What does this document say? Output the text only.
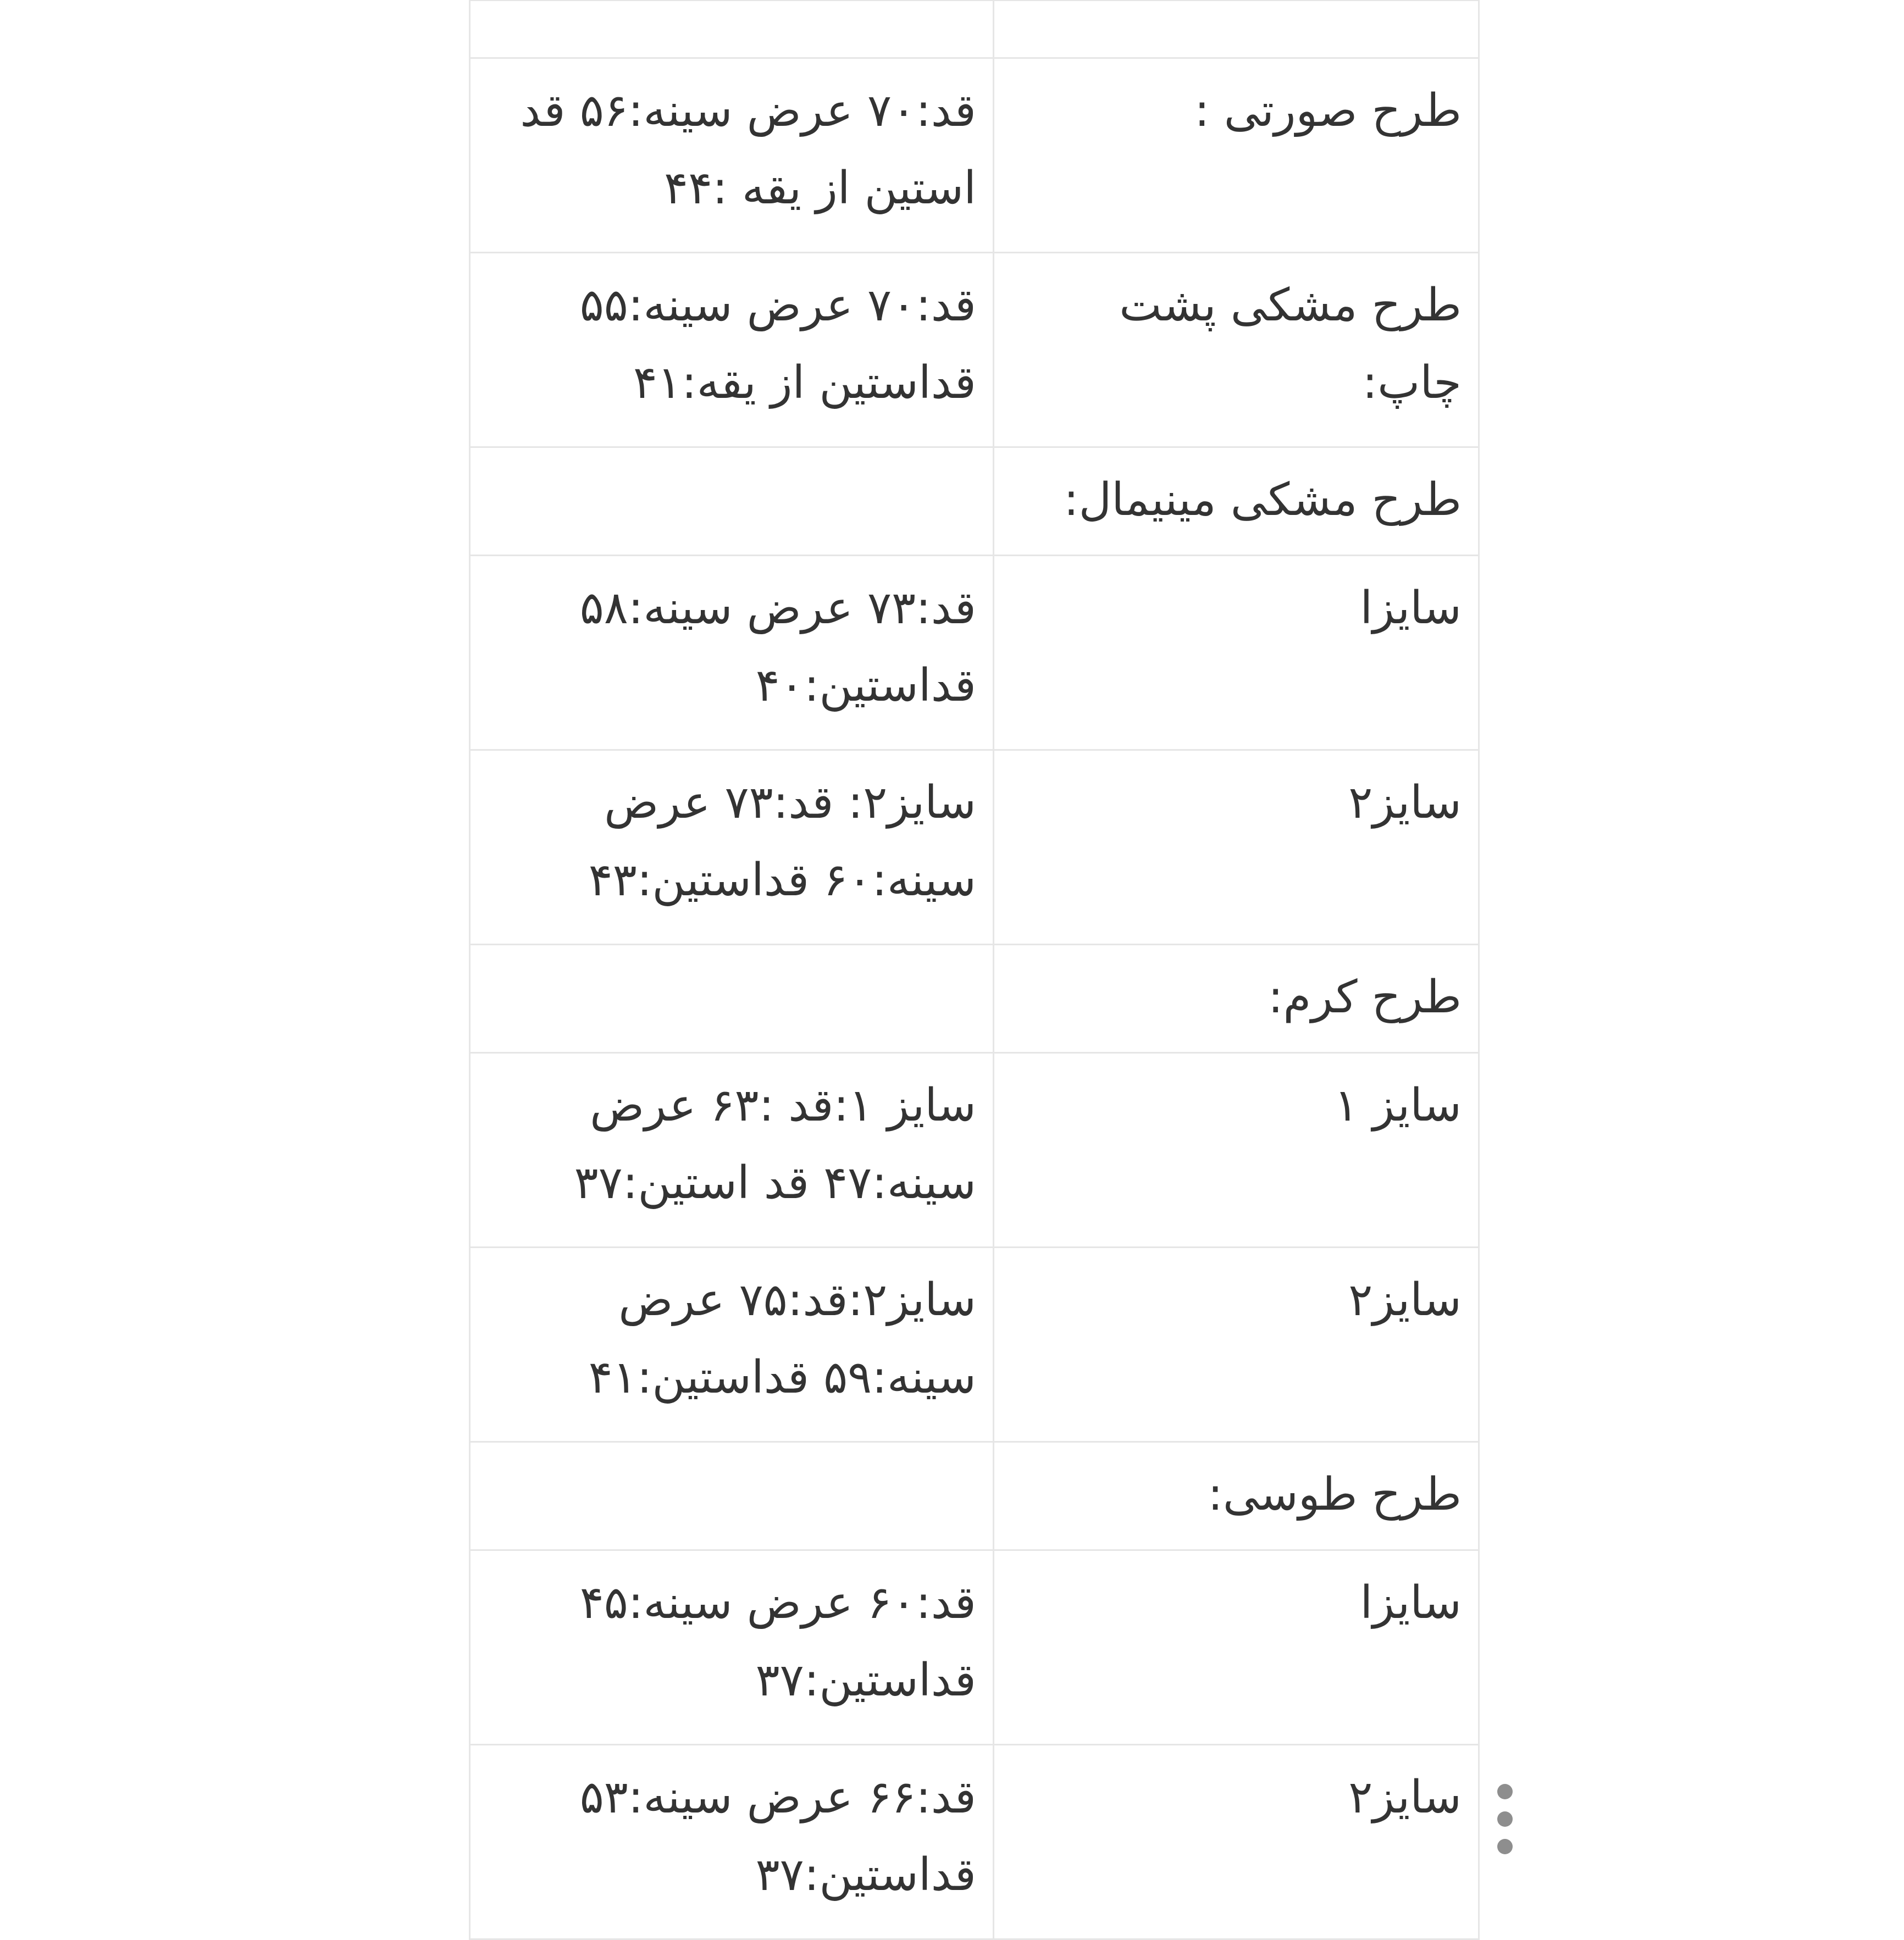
طرح صورتی :	قد:۷۰ عرض سینه:۵۶ قد استین از یقه :۴۴

طرح مشکی پشت چاپ:	قد:۷۰ عرض سینه:۵۵ قداستین از یقه:۴۱

طرح مشکی مینیمال:	

سایزا	قد:۷۳ عرض سینه:۵۸ قداستین:۴۰

سایز۲	سایز۲: قد:۷۳ عرض سینه:۶۰ قداستین:۴۳

طرح کرم:	

سایز ۱	سایز ۱:قد :۶۳ عرض سینه:۴۷ قد استین:۳۷

سایز۲	سایز۲:قد:۷۵ عرض سینه:۵۹ قداستین:۴۱

طرح طوسی:	

سایزا	قد:۶۰ عرض سینه:۴۵ قداستین:۳۷

سایز۲	قد:۶۶ عرض سینه:۵۳ قداستین:۳۷
